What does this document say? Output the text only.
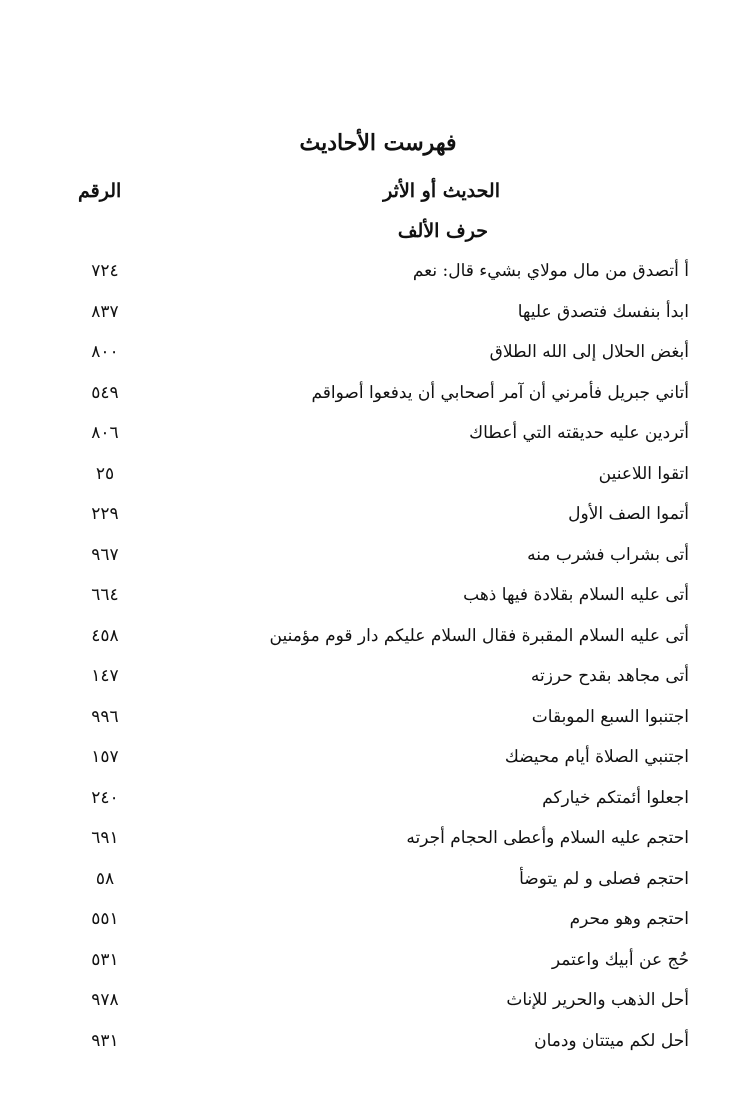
فهرست الأحاديث
الحديث أو الأثر
الرقم
حرف الألف
أ أتصدق من مال مولاي بشيء قال: نعم
٧٢٤
ابدأ بنفسك فتصدق عليها
٨٣٧
أبغض الحلال إلى الله الطلاق
٨٠٠
أتاني جبريل فأمرني أن آمر أصحابي أن يدفعوا أصواقم
٥٤٩
أتردين عليه حديقته التي أعطاك
٨٠٦
اتقوا اللاعنين
٢٥
أتموا الصف الأول
٢٢٩
أتى بشراب فشرب منه
٩٦٧
أتى عليه السلام بقلادة فيها ذهب
٦٦٤
أتى عليه السلام المقبرة فقال السلام عليكم دار قوم مؤمنين
٤٥٨
أتى مجاهد بقدح حرزته
١٤٧
اجتنبوا السبع الموبقات
٩٩٦
اجتنبي الصلاة أيام محيضك
١٥٧
اجعلوا أئمتكم خياركم
٢٤٠
احتجم عليه السلام وأعطى الحجام أجرته
٦٩١
احتجم فصلى و لم يتوضأ
٥٨
احتجم وهو محرم
٥٥١
حُج عن أبيك واعتمر
٥٣١
أحل الذهب والحرير للإناث
٩٧٨
أحل لكم ميتتان ودمان
٩٣١
